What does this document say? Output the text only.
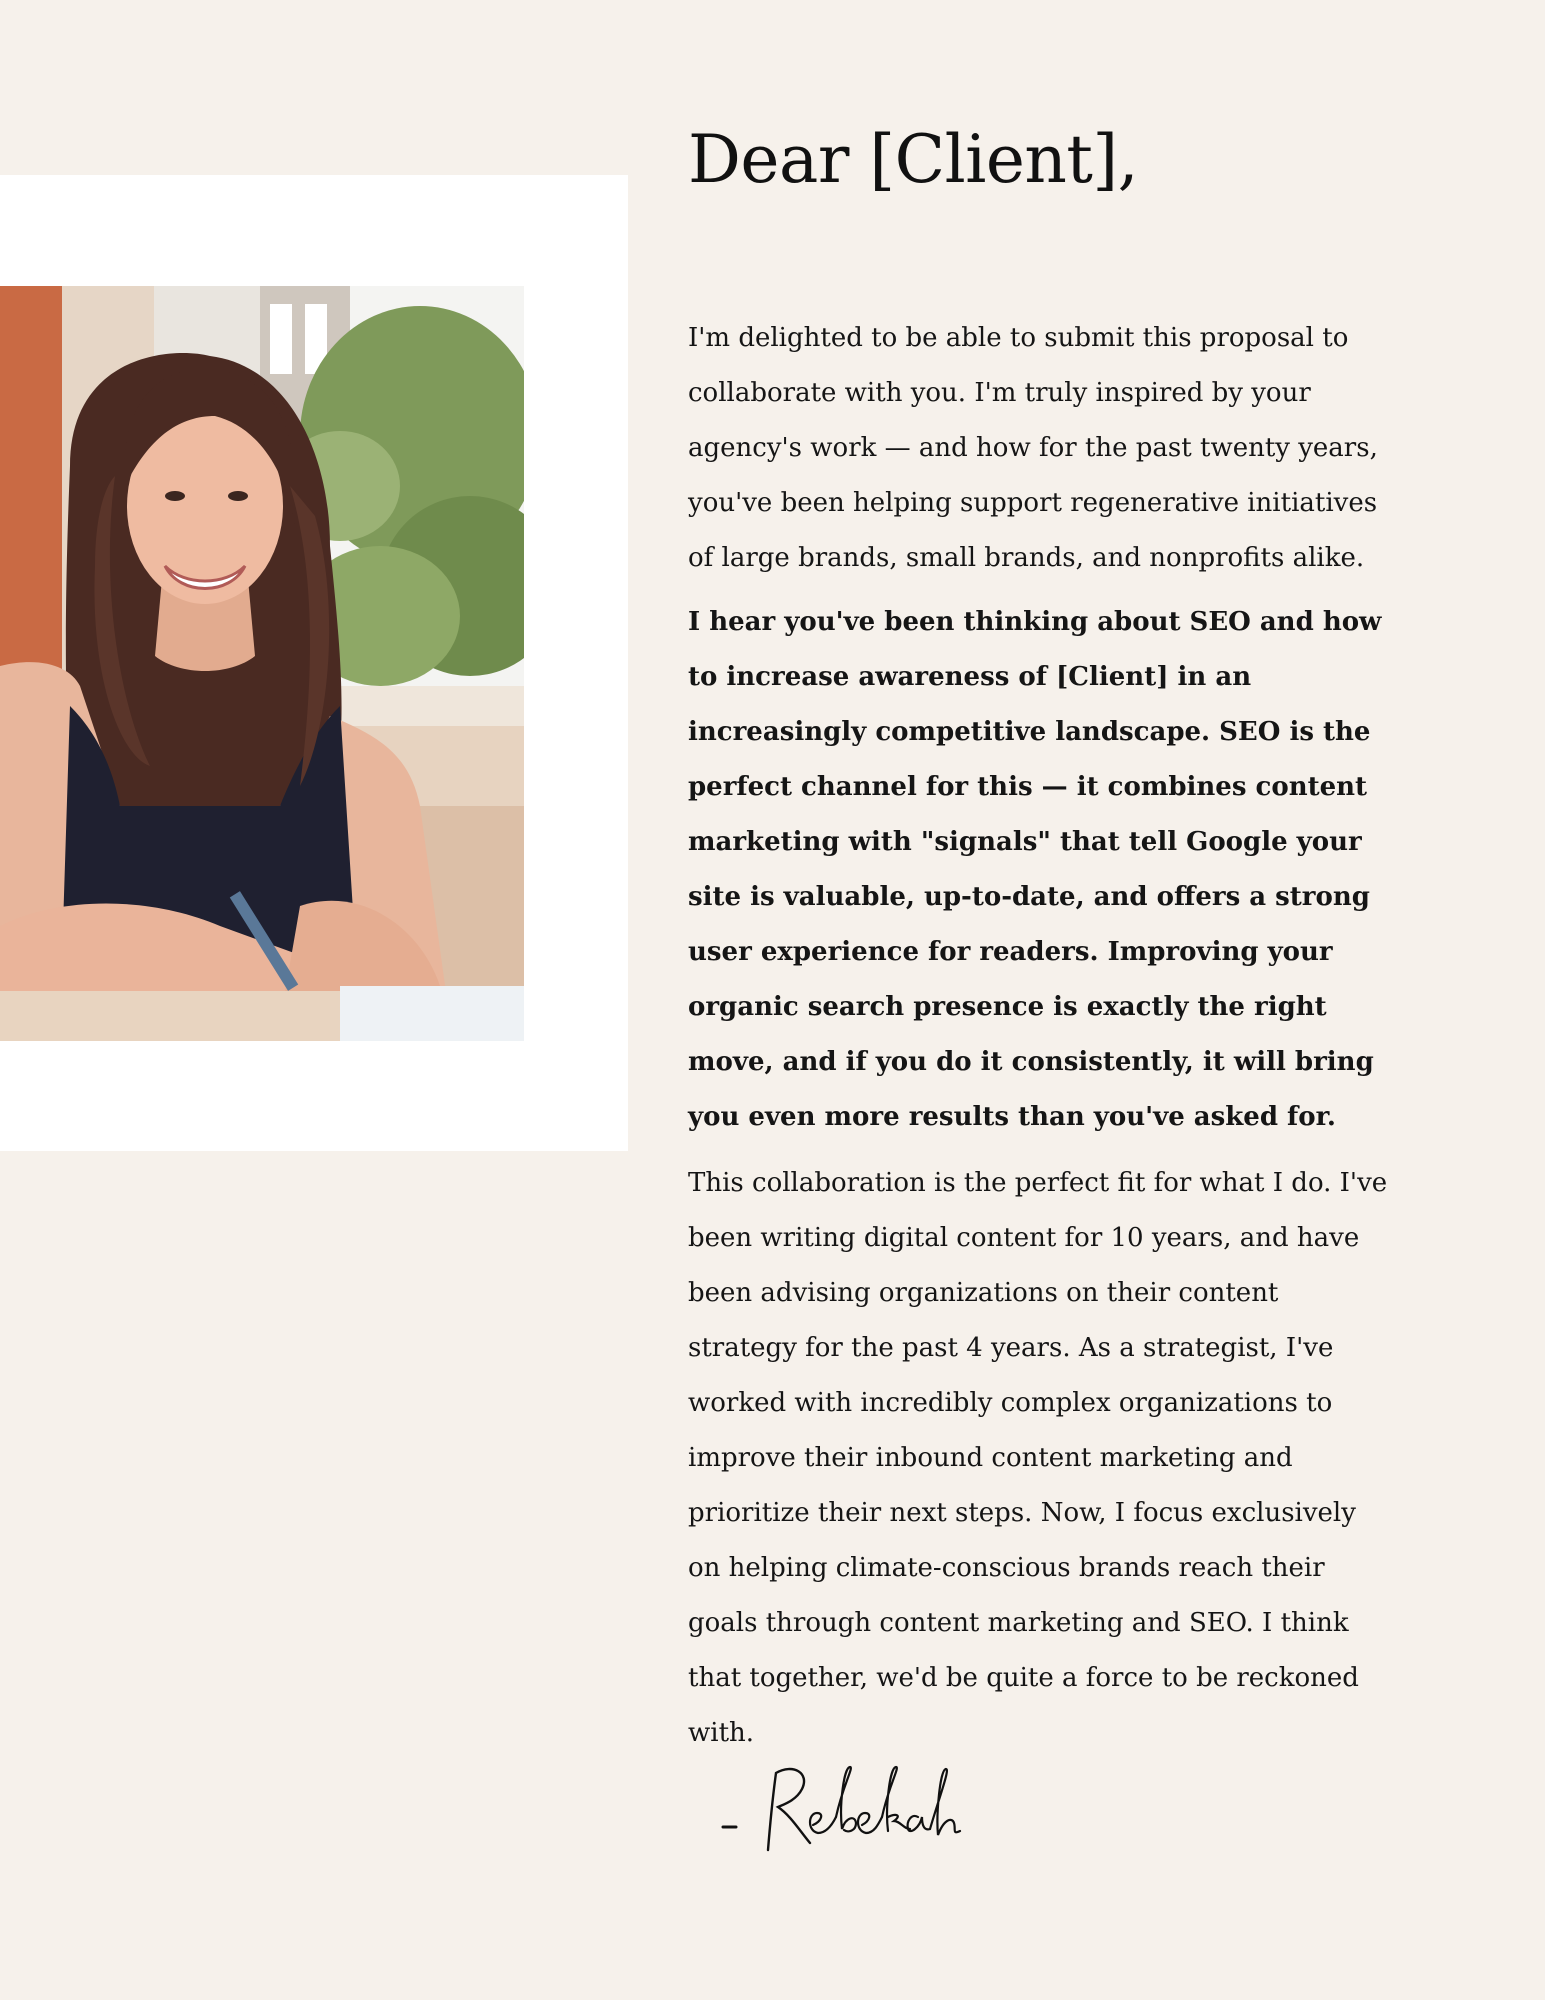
Dear [Client],

I'm delighted to be able to submit this proposal to collaborate with you. I'm truly inspired by your agency's work — and how for the past twenty years, you've been helping support regenerative initiatives of large brands, small brands, and nonprofits alike.

I hear you've been thinking about SEO and how to increase awareness of [Client] in an increasingly competitive landscape. SEO is the perfect channel for this — it combines content marketing with "signals" that tell Google your site is valuable, up-to-date, and offers a strong user experience for readers. Improving your organic search presence is exactly the right move, and if you do it consistently, it will bring you even more results than you've asked for.

This collaboration is the perfect fit for what I do. I've been writing digital content for 10 years, and have been advising organizations on their content strategy for the past 4 years. As a strategist, I've worked with incredibly complex organizations to improve their inbound content marketing and prioritize their next steps. Now, I focus exclusively on helping climate-conscious brands reach their goals through content marketing and SEO. I think that together, we'd be quite a force to be reckoned with.
